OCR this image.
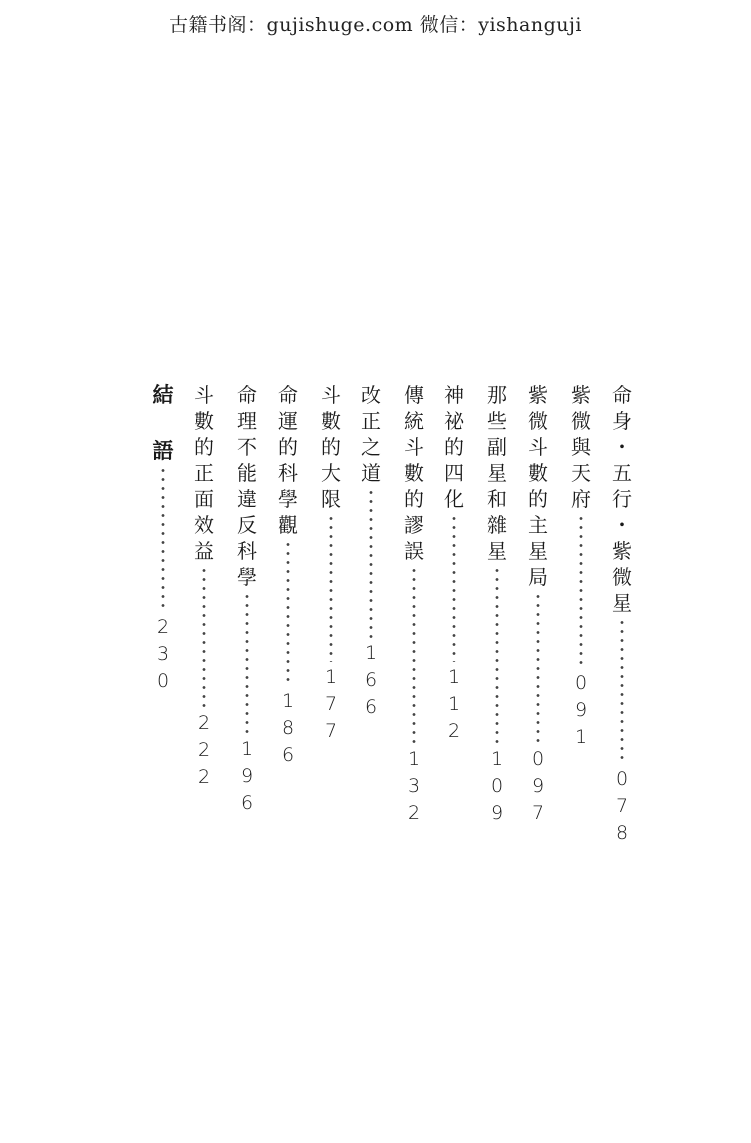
古籍书阁：gujishuge.com 微信：yishanguji
命
身
・
五
行
・
紫
微
星
0
7
8
紫
微
與
天
府
0
9
1
紫
微
斗
數
的
主
星
局
0
9
7
那
些
副
星
和
雜
星
1
0
9
神
祕
的
四
化
1
1
2
傳
統
斗
數
的
謬
誤
1
3
2
改
正
之
道
1
6
6
斗
數
的
大
限
1
7
7
命
運
的
科
學
觀
1
8
6
命
理
不
能
違
反
科
學
1
9
6
斗
數
的
正
面
效
益
2
2
2
結
語
2
3
0
